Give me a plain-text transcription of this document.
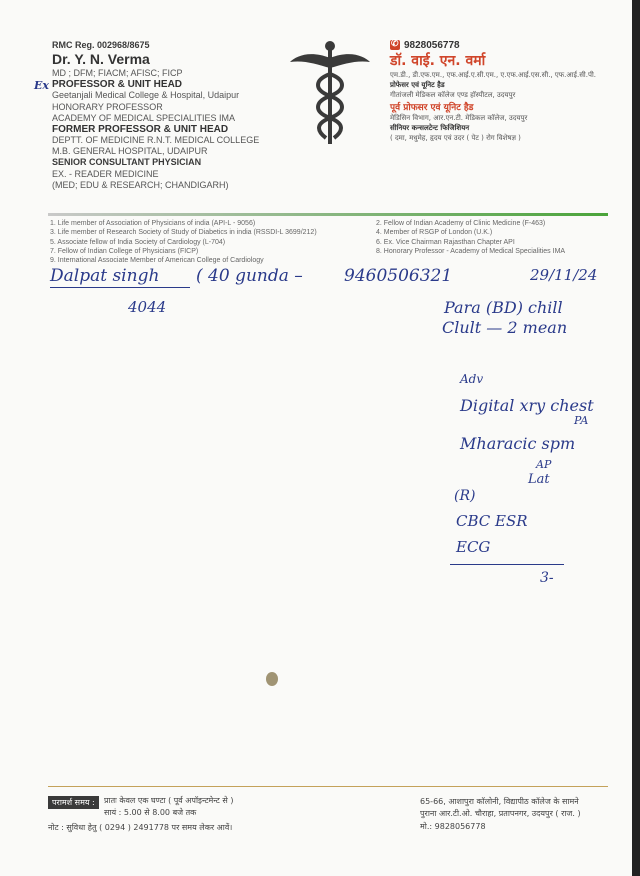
RMC Reg. 002968/8675
Dr. Y. N. Verma
MD ; DFM; FIACM; AFISC; FICP
Ex PROFESSOR & UNIT HEAD
Geetanjali Medical College & Hospital, Udaipur
HONORARY PROFESSOR
ACADEMY OF MEDICAL SPECIALITIES IMA
FORMER PROFESSOR & UNIT HEAD
DEPTT. OF MEDICINE R.N.T. MEDICAL COLLEGE
M.B. GENERAL HOSPITAL, UDAIPUR
SENIOR CONSULTANT PHYSICIAN
EX. - READER MEDICINE
(MED; EDU & RESEARCH; CHANDIGARH)
✆9828056778
डॉ. वाई. एन. वर्मा
एम.डी., डी.एफ.एम., एफ.आई.ए.सी.एम., ए.एफ.आई.एस.सी., एफ.आई.सी.पी.
प्रोफेसर एवं यूनिट हैड
गीतांजली मेडिकल कॉलेज एण्ड हॉस्पीटल, उदयपुर
पूर्व प्रोफसर एवं यूनिट हैड
मेडिसिन विभाग, आर.एन.टी. मेडिकल कॉलेज, उदयपुर
सीनियर कन्सलटेन्ट फिजिशियन
( दमा, मधुमेह, हृदय एवं उदर ( पेट ) रोग विशेषज्ञ )
1. Life member of Association of Physicians of india (API-L - 9056)
3. Life member of Research Society of Study of Diabetics in india (RSSDI-L 3699/212)
5. Associate fellow of India Society of Cardiology (L-704)
7. Fellow of Indian College of Physicians (FICP)
9. International Associate Member of American College of Cardiology
2. Fellow of Indian Academy of Clinic Medicine (F-463)
4. Member of RSGP of London (U.K.)
6. Ex. Vice Chairman Rajasthan Chapter API
8. Honorary Professor - Academy of Medical Specialities IMA
Dalpat singh ( 40 gunda – 9460506321	29/11/24
4044	Para (BD) chill
Clult — 2 mean
Adv
Digital xry chest
PA
Mharacic spm
AP
Lat
(R)
CBC ESR
ECG
3-
परामर्श समय :	प्रातः केवल एक घण्टा ( पूर्व अपॉइन्टमेन्ट से )
सायं : 5.00 से 8.00 बजे तक
नोट : सुविधा हेतु ( 0294 ) 2491778 पर समय लेकर आवें।
65-66, आशापुरा कॉलोनी, विद्यापीठ कॉलेज के सामने
पुराना आर.टी.ओ. चौराहा, प्रतापनगर, उदयपुर ( राज. )
मो.: 9828056778
